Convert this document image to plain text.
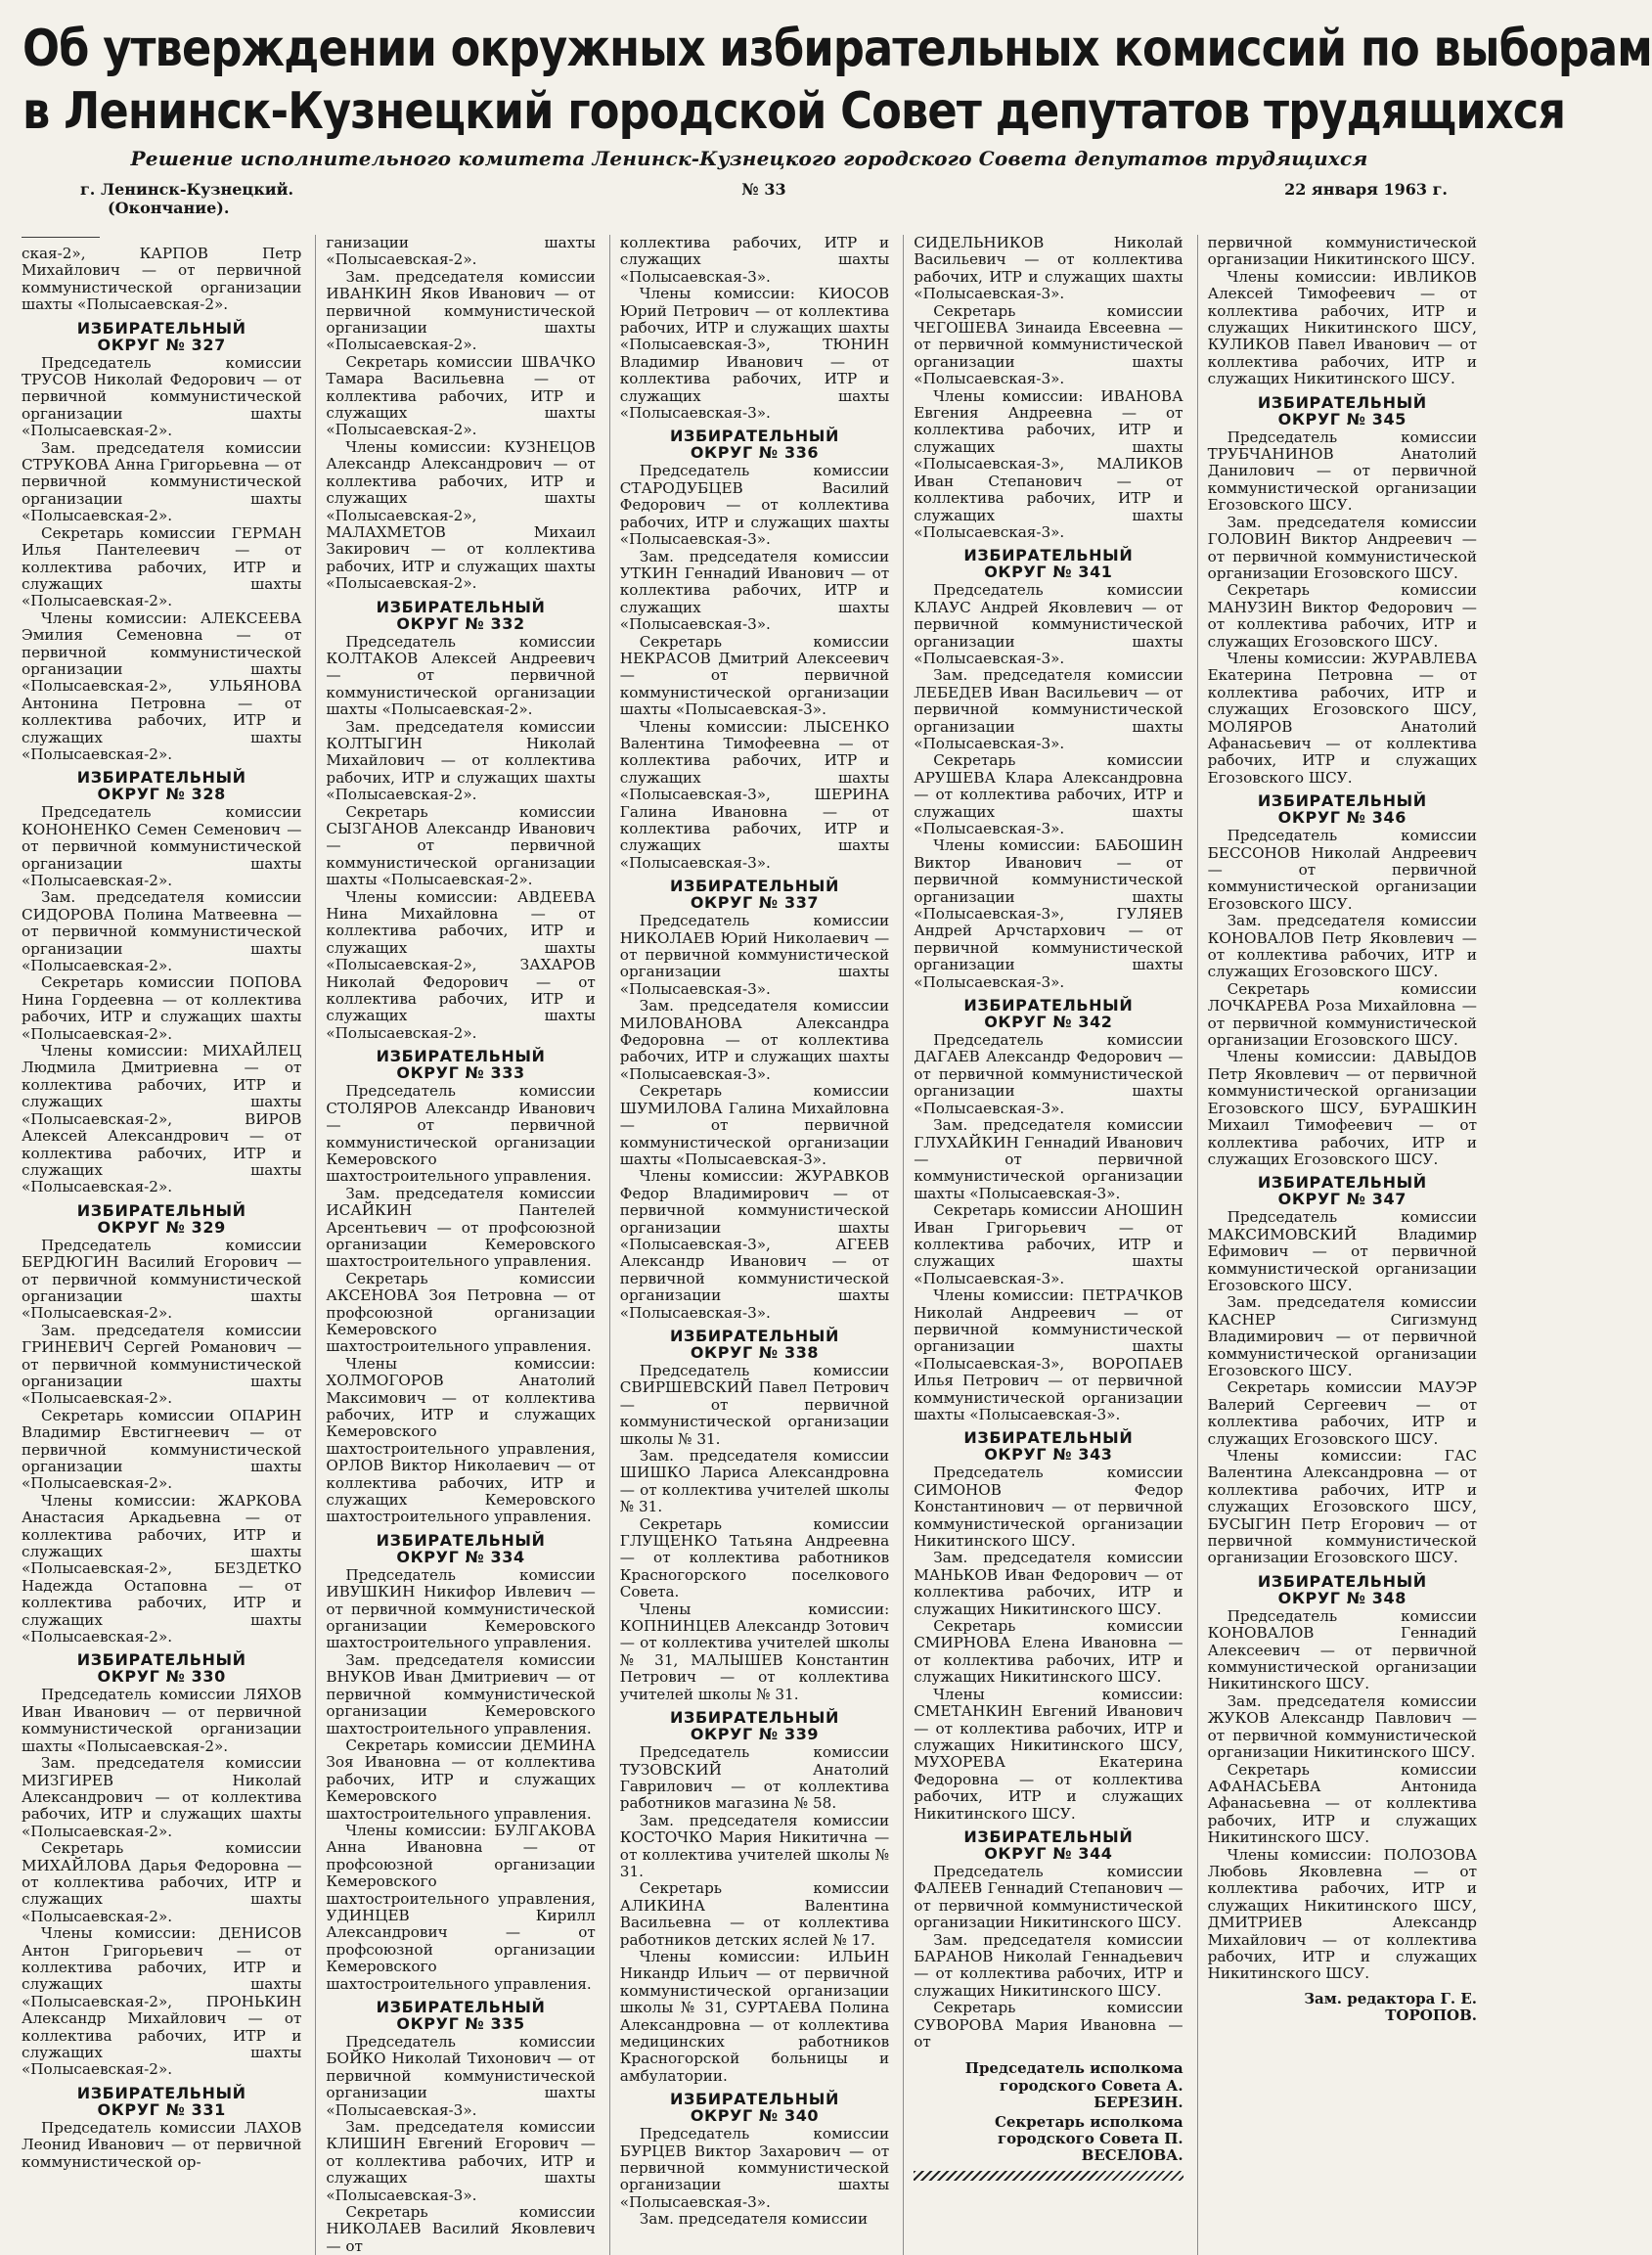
Об утверждении окружных избирательных комиссий по выборам
в Ленинск-Кузнецкий городской Совет депутатов трудящихся
Решение исполнительного комитета Ленинск-Кузнецкого городского Совета депутатов трудящихся
г. Ленинск-Кузнецкий.
(Окончание).
№ 33	22 января 1963 г.

ская-2», КАРПОВ Петр Михайлович — от первичной коммунистической организации шахты «Полысаевская-2».

ИЗБИРАТЕЛЬНЫЙ
ОКРУГ № 327

Председатель комиссии ТРУСОВ Николай Федорович — от первичной коммунистической организации шахты «Полысаевская-2».

Зам. председателя комиссии СТРУКОВА Анна Григорьевна — от первичной коммунистической организации шахты «Полысаевская-2».

Секретарь комиссии ГЕРМАН Илья Пантелеевич — от коллектива рабочих, ИТР и служащих шахты «Полысаевская-2».

Члены комиссии: АЛЕКСЕЕВА Эмилия Семеновна — от первичной коммунистической организации шахты «Полысаевская-2», УЛЬЯНОВА Антонина Петровна — от коллектива рабочих, ИТР и служащих шахты «Полысаевская-2».

ИЗБИРАТЕЛЬНЫЙ
ОКРУГ № 328

Председатель комиссии КОНОНЕНКО Семен Семенович — от первичной коммунистической организации шахты «Полысаевская-2».

Зам. председателя комиссии СИДОРОВА Полина Матвеевна — от первичной коммунистической организации шахты «Полысаевская-2».

Секретарь комиссии ПОПОВА Нина Гордеевна — от коллектива рабочих, ИТР и служащих шахты «Полысаевская-2».

Члены комиссии: МИХАЙЛЕЦ Людмила Дмитриевна — от коллектива рабочих, ИТР и служащих шахты «Полысаевская-2», ВИРОВ Алексей Александрович — от коллектива рабочих, ИТР и служащих шахты «Полысаевская-2».

ИЗБИРАТЕЛЬНЫЙ
ОКРУГ № 329

Председатель комиссии БЕРДЮГИН Василий Егорович — от первичной коммунистической организации шахты «Полысаевская-2».

Зам. председателя комиссии ГРИНЕВИЧ Сергей Романович — от первичной коммунистической организации шахты «Полысаевская-2».

Секретарь комиссии ОПАРИН Владимир Евстигнеевич — от первичной коммунистической организации шахты «Полысаевская-2».

Члены комиссии: ЖАРКОВА Анастасия Аркадьевна — от коллектива рабочих, ИТР и служащих шахты «Полысаевская-2», БЕЗДЕТКО Надежда Остаповна — от коллектива рабочих, ИТР и служащих шахты «Полысаевская-2».

ИЗБИРАТЕЛЬНЫЙ
ОКРУГ № 330

Председатель комиссии ЛЯХОВ Иван Иванович — от первичной коммунистической организации шахты «Полысаевская-2».

Зам. председателя комиссии МИЗГИРЕВ Николай Александрович — от коллектива рабочих, ИТР и служащих шахты «Полысаевская-2».

Секретарь комиссии МИХАЙЛОВА Дарья Федоровна — от коллектива рабочих, ИТР и служащих шахты «Полысаевская-2».

Члены комиссии: ДЕНИСОВ Антон Григорьевич — от коллектива рабочих, ИТР и служащих шахты «Полысаевская-2», ПРОНЬКИН Александр Михайлович — от коллектива рабочих, ИТР и служащих шахты «Полысаевская-2».

ИЗБИРАТЕЛЬНЫЙ
ОКРУГ № 331

Председатель комиссии ЛАХОВ Леонид Иванович — от первичной коммунистической ор-

ганизации шахты «Полысаевская-2».

Зам. председателя комиссии ИВАНКИН Яков Иванович — от первичной коммунистической организации шахты «Полысаевская-2».

Секретарь комиссии ШВАЧКО Тамара Васильевна — от коллектива рабочих, ИТР и служащих шахты «Полысаевская-2».

Члены комиссии: КУЗНЕЦОВ Александр Александрович — от коллектива рабочих, ИТР и служащих шахты «Полысаевская-2», МАЛАХМЕТОВ Михаил Закирович — от коллектива рабочих, ИТР и служащих шахты «Полысаевская-2».

ИЗБИРАТЕЛЬНЫЙ
ОКРУГ № 332

Председатель комиссии КОЛТАКОВ Алексей Андреевич — от первичной коммунистической организации шахты «Полысаевская-2».

Зам. председателя комиссии КОЛТЫГИН Николай Михайлович — от коллектива рабочих, ИТР и служащих шахты «Полысаевская-2».

Секретарь комиссии СЫЗГАНОВ Александр Иванович — от первичной коммунистической организации шахты «Полысаевская-2».

Члены комиссии: АВДЕЕВА Нина Михайловна — от коллектива рабочих, ИТР и служащих шахты «Полысаевская-2», ЗАХАРОВ Николай Федорович — от коллектива рабочих, ИТР и служащих шахты «Полысаевская-2».

ИЗБИРАТЕЛЬНЫЙ
ОКРУГ № 333

Председатель комиссии СТОЛЯРОВ Александр Иванович — от первичной коммунистической организации Кемеровского шахтостроительного управления.

Зам. председателя комиссии ИСАЙКИН Пантелей Арсентьевич — от профсоюзной организации Кемеровского шахтостроительного управления.

Секретарь комиссии АКСЕНОВА Зоя Петровна — от профсоюзной организации Кемеровского шахтостроительного управления.

Члены комиссии: ХОЛМОГОРОВ Анатолий Максимович — от коллектива рабочих, ИТР и служащих Кемеровского шахтостроительного управления, ОРЛОВ Виктор Николаевич — от коллектива рабочих, ИТР и служащих Кемеровского шахтостроительного управления.

ИЗБИРАТЕЛЬНЫЙ
ОКРУГ № 334

Председатель комиссии ИВУШКИН Никифор Ивлевич — от первичной коммунистической организации Кемеровского шахтостроительного управления.

Зам. председателя комиссии ВНУКОВ Иван Дмитриевич — от первичной коммунистической организации Кемеровского шахтостроительного управления.

Секретарь комиссии ДЕМИНА Зоя Ивановна — от коллектива рабочих, ИТР и служащих Кемеровского шахтостроительного управления.

Члены комиссии: БУЛГАКОВА Анна Ивановна — от профсоюзной организации Кемеровского шахтостроительного управления, УДИНЦЕВ Кирилл Александрович — от профсоюзной организации Кемеровского шахтостроительного управления.

ИЗБИРАТЕЛЬНЫЙ
ОКРУГ № 335

Председатель комиссии БОЙКО Николай Тихонович — от первичной коммунистической организации шахты «Полысаевская-3».

Зам. председателя комиссии КЛИШИН Евгений Егорович — от коллектива рабочих, ИТР и служащих шахты «Полысаевская-3».

Секретарь комиссии НИКОЛАЕВ Василий Яковлевич — от

коллектива рабочих, ИТР и служащих шахты «Полысаевская-3».

Члены комиссии: КИОСОВ Юрий Петрович — от коллектива рабочих, ИТР и служащих шахты «Полысаевская-3», ТЮНИН Владимир Иванович — от коллектива рабочих, ИТР и служащих шахты «Полысаевская-3».

ИЗБИРАТЕЛЬНЫЙ
ОКРУГ № 336

Председатель комиссии СТАРОДУБЦЕВ Василий Федорович — от коллектива рабочих, ИТР и служащих шахты «Полысаевская-3».

Зам. председателя комиссии УТКИН Геннадий Иванович — от коллектива рабочих, ИТР и служащих шахты «Полысаевская-3».

Секретарь комиссии НЕКРАСОВ Дмитрий Алексеевич — от первичной коммунистической организации шахты «Полысаевская-3».

Члены комиссии: ЛЫСЕНКО Валентина Тимофеевна — от коллектива рабочих, ИТР и служащих шахты «Полысаевская-3», ШЕРИНА Галина Ивановна — от коллектива рабочих, ИТР и служащих шахты «Полысаевская-3».

ИЗБИРАТЕЛЬНЫЙ
ОКРУГ № 337

Председатель комиссии НИКОЛАЕВ Юрий Николаевич — от первичной коммунистической организации шахты «Полысаевская-3».

Зам. председателя комиссии МИЛОВАНОВА Александра Федоровна — от коллектива рабочих, ИТР и служащих шахты «Полысаевская-3».

Секретарь комиссии ШУМИЛОВА Галина Михайловна — от первичной коммунистической организации шахты «Полысаевская-3».

Члены комиссии: ЖУРАВКОВ Федор Владимирович — от первичной коммунистической организации шахты «Полысаевская-3», АГЕЕВ Александр Иванович — от первичной коммунистической организации шахты «Полысаевская-3».

ИЗБИРАТЕЛЬНЫЙ
ОКРУГ № 338

Председатель комиссии СВИРШЕВСКИЙ Павел Петрович — от первичной коммунистической организации школы № 31.

Зам. председателя комиссии ШИШКО Лариса Александровна — от коллектива учителей школы № 31.

Секретарь комиссии ГЛУЩЕНКО Татьяна Андреевна — от коллектива работников Красногорского поселкового Совета.

Члены комиссии: КОПНИНЦЕВ Александр Зотович — от коллектива учителей школы № 31, МАЛЫШЕВ Константин Петрович — от коллектива учителей школы № 31.

ИЗБИРАТЕЛЬНЫЙ
ОКРУГ № 339

Председатель комиссии ТУЗОВСКИЙ Анатолий Гаврилович — от коллектива работников магазина № 58.

Зам. председателя комиссии КОСТОЧКО Мария Никитична — от коллектива учителей школы № 31.

Секретарь комиссии АЛИКИНА Валентина Васильевна — от коллектива работников детских яслей № 17.

Члены комиссии: ИЛЬИН Никандр Ильич — от первичной коммунистической организации школы № 31, СУРТАЕВА Полина Александровна — от коллектива медицинских работников Красногорской больницы и амбулатории.

ИЗБИРАТЕЛЬНЫЙ
ОКРУГ № 340

Председатель комиссии БУРЦЕВ Виктор Захарович — от первичной коммунистической организации шахты «Полысаевская-3».

Зам. председателя комиссии

СИДЕЛЬНИКОВ Николай Васильевич — от коллектива рабочих, ИТР и служащих шахты «Полысаевская-3».

Секретарь комиссии ЧЕГОШЕВА Зинаида Евсеевна — от первичной коммунистической организации шахты «Полысаевская-3».

Члены комиссии: ИВАНОВА Евгения Андреевна — от коллектива рабочих, ИТР и служащих шахты «Полысаевская-3», МАЛИКОВ Иван Степанович — от коллектива рабочих, ИТР и служащих шахты «Полысаевская-3».

ИЗБИРАТЕЛЬНЫЙ
ОКРУГ № 341

Председатель комиссии КЛАУС Андрей Яковлевич — от первичной коммунистической организации шахты «Полысаевская-3».

Зам. председателя комиссии ЛЕБЕДЕВ Иван Васильевич — от первичной коммунистической организации шахты «Полысаевская-3».

Секретарь комиссии АРУШЕВА Клара Александровна — от коллектива рабочих, ИТР и служащих шахты «Полысаевская-3».

Члены комиссии: БАБОШИН Виктор Иванович — от первичной коммунистической организации шахты «Полысаевская-3», ГУЛЯЕВ Андрей Арчстархович — от первичной коммунистической организации шахты «Полысаевская-3».

ИЗБИРАТЕЛЬНЫЙ
ОКРУГ № 342

Председатель комиссии ДАГАЕВ Александр Федорович — от первичной коммунистической организации шахты «Полысаевская-3».

Зам. председателя комиссии ГЛУХАЙКИН Геннадий Иванович — от первичной коммунистической организации шахты «Полысаевская-3».

Секретарь комиссии АНОШИН Иван Григорьевич — от коллектива рабочих, ИТР и служащих шахты «Полысаевская-3».

Члены комиссии: ПЕТРАЧКОВ Николай Андреевич — от первичной коммунистической организации шахты «Полысаевская-3», ВОРОПАЕВ Илья Петрович — от первичной коммунистической организации шахты «Полысаевская-3».

ИЗБИРАТЕЛЬНЫЙ
ОКРУГ № 343

Председатель комиссии СИМОНОВ Федор Константинович — от первичной коммунистической организации Никитинского ШСУ.

Зам. председателя комиссии МАНЬКОВ Иван Федорович — от коллектива рабочих, ИТР и служащих Никитинского ШСУ.

Секретарь комиссии СМИРНОВА Елена Ивановна — от коллектива рабочих, ИТР и служащих Никитинского ШСУ.

Члены комиссии: СМЕТАНКИН Евгений Иванович — от коллектива рабочих, ИТР и служащих Никитинского ШСУ, МУХОРЕВА Екатерина Федоровна — от коллектива рабочих, ИТР и служащих Никитинского ШСУ.

ИЗБИРАТЕЛЬНЫЙ
ОКРУГ № 344

Председатель комиссии ФАЛЕЕВ Геннадий Степанович — от первичной коммунистической организации Никитинского ШСУ.

Зам. председателя комиссии БАРАНОВ Николай Геннадьевич — от коллектива рабочих, ИТР и служащих Никитинского ШСУ.

Секретарь комиссии СУВОРОВА Мария Ивановна — от

Председатель исполкома городского Совета А. БЕРЕЗИН.
Секретарь исполкома городского Совета П. ВЕСЕЛОВА.

первичной коммунистической организации Никитинского ШСУ.

Члены комиссии: ИВЛИКОВ Алексей Тимофеевич — от коллектива рабочих, ИТР и служащих Никитинского ШСУ, КУЛИКОВ Павел Иванович — от коллектива рабочих, ИТР и служащих Никитинского ШСУ.

ИЗБИРАТЕЛЬНЫЙ
ОКРУГ № 345

Председатель комиссии ТРУБЧАНИНОВ Анатолий Данилович — от первичной коммунистической организации Егозовского ШСУ.

Зам. председателя комиссии ГОЛОВИН Виктор Андреевич — от первичной коммунистической организации Егозовского ШСУ.

Секретарь комиссии МАНУЗИН Виктор Федорович — от коллектива рабочих, ИТР и служащих Егозовского ШСУ.

Члены комиссии: ЖУРАВЛЕВА Екатерина Петровна — от коллектива рабочих, ИТР и служащих Егозовского ШСУ, МОЛЯРОВ Анатолий Афанасьевич — от коллектива рабочих, ИТР и служащих Егозовского ШСУ.

ИЗБИРАТЕЛЬНЫЙ
ОКРУГ № 346

Председатель комиссии БЕССОНОВ Николай Андреевич — от первичной коммунистической организации Егозовского ШСУ.

Зам. председателя комиссии КОНОВАЛОВ Петр Яковлевич — от коллектива рабочих, ИТР и служащих Егозовского ШСУ.

Секретарь комиссии ЛОЧКАРЕВА Роза Михайловна — от первичной коммунистической организации Егозовского ШСУ.

Члены комиссии: ДАВЫДОВ Петр Яковлевич — от первичной коммунистической организации Егозовского ШСУ, БУРАШКИН Михаил Тимофеевич — от коллектива рабочих, ИТР и служащих Егозовского ШСУ.

ИЗБИРАТЕЛЬНЫЙ
ОКРУГ № 347

Председатель комиссии МАКСИМОВСКИЙ Владимир Ефимович — от первичной коммунистической организации Егозовского ШСУ.

Зам. председателя комиссии КАСНЕР Сигизмунд Владимирович — от первичной коммунистической организации Егозовского ШСУ.

Секретарь комиссии МАУЭР Валерий Сергеевич — от коллектива рабочих, ИТР и служащих Егозовского ШСУ.

Члены комиссии: ГАС Валентина Александровна — от коллектива рабочих, ИТР и служащих Егозовского ШСУ, БУСЫГИН Петр Егорович — от первичной коммунистической организации Егозовского ШСУ.

ИЗБИРАТЕЛЬНЫЙ
ОКРУГ № 348

Председатель комиссии КОНОВАЛОВ Геннадий Алексеевич — от первичной коммунистической организации Никитинского ШСУ.

Зам. председателя комиссии ЖУКОВ Александр Павлович — от первичной коммунистической организации Никитинского ШСУ.

Секретарь комиссии АФАНАСЬЕВА Антонида Афанасьевна — от коллектива рабочих, ИТР и служащих Никитинского ШСУ.

Члены комиссии: ПОЛОЗОВА Любовь Яковлевна — от коллектива рабочих, ИТР и служащих Никитинского ШСУ, ДМИТРИЕВ Александр Михайлович — от коллектива рабочих, ИТР и служащих Никитинского ШСУ.

Зам. редактора Г. Е. ТОРОПОВ.
